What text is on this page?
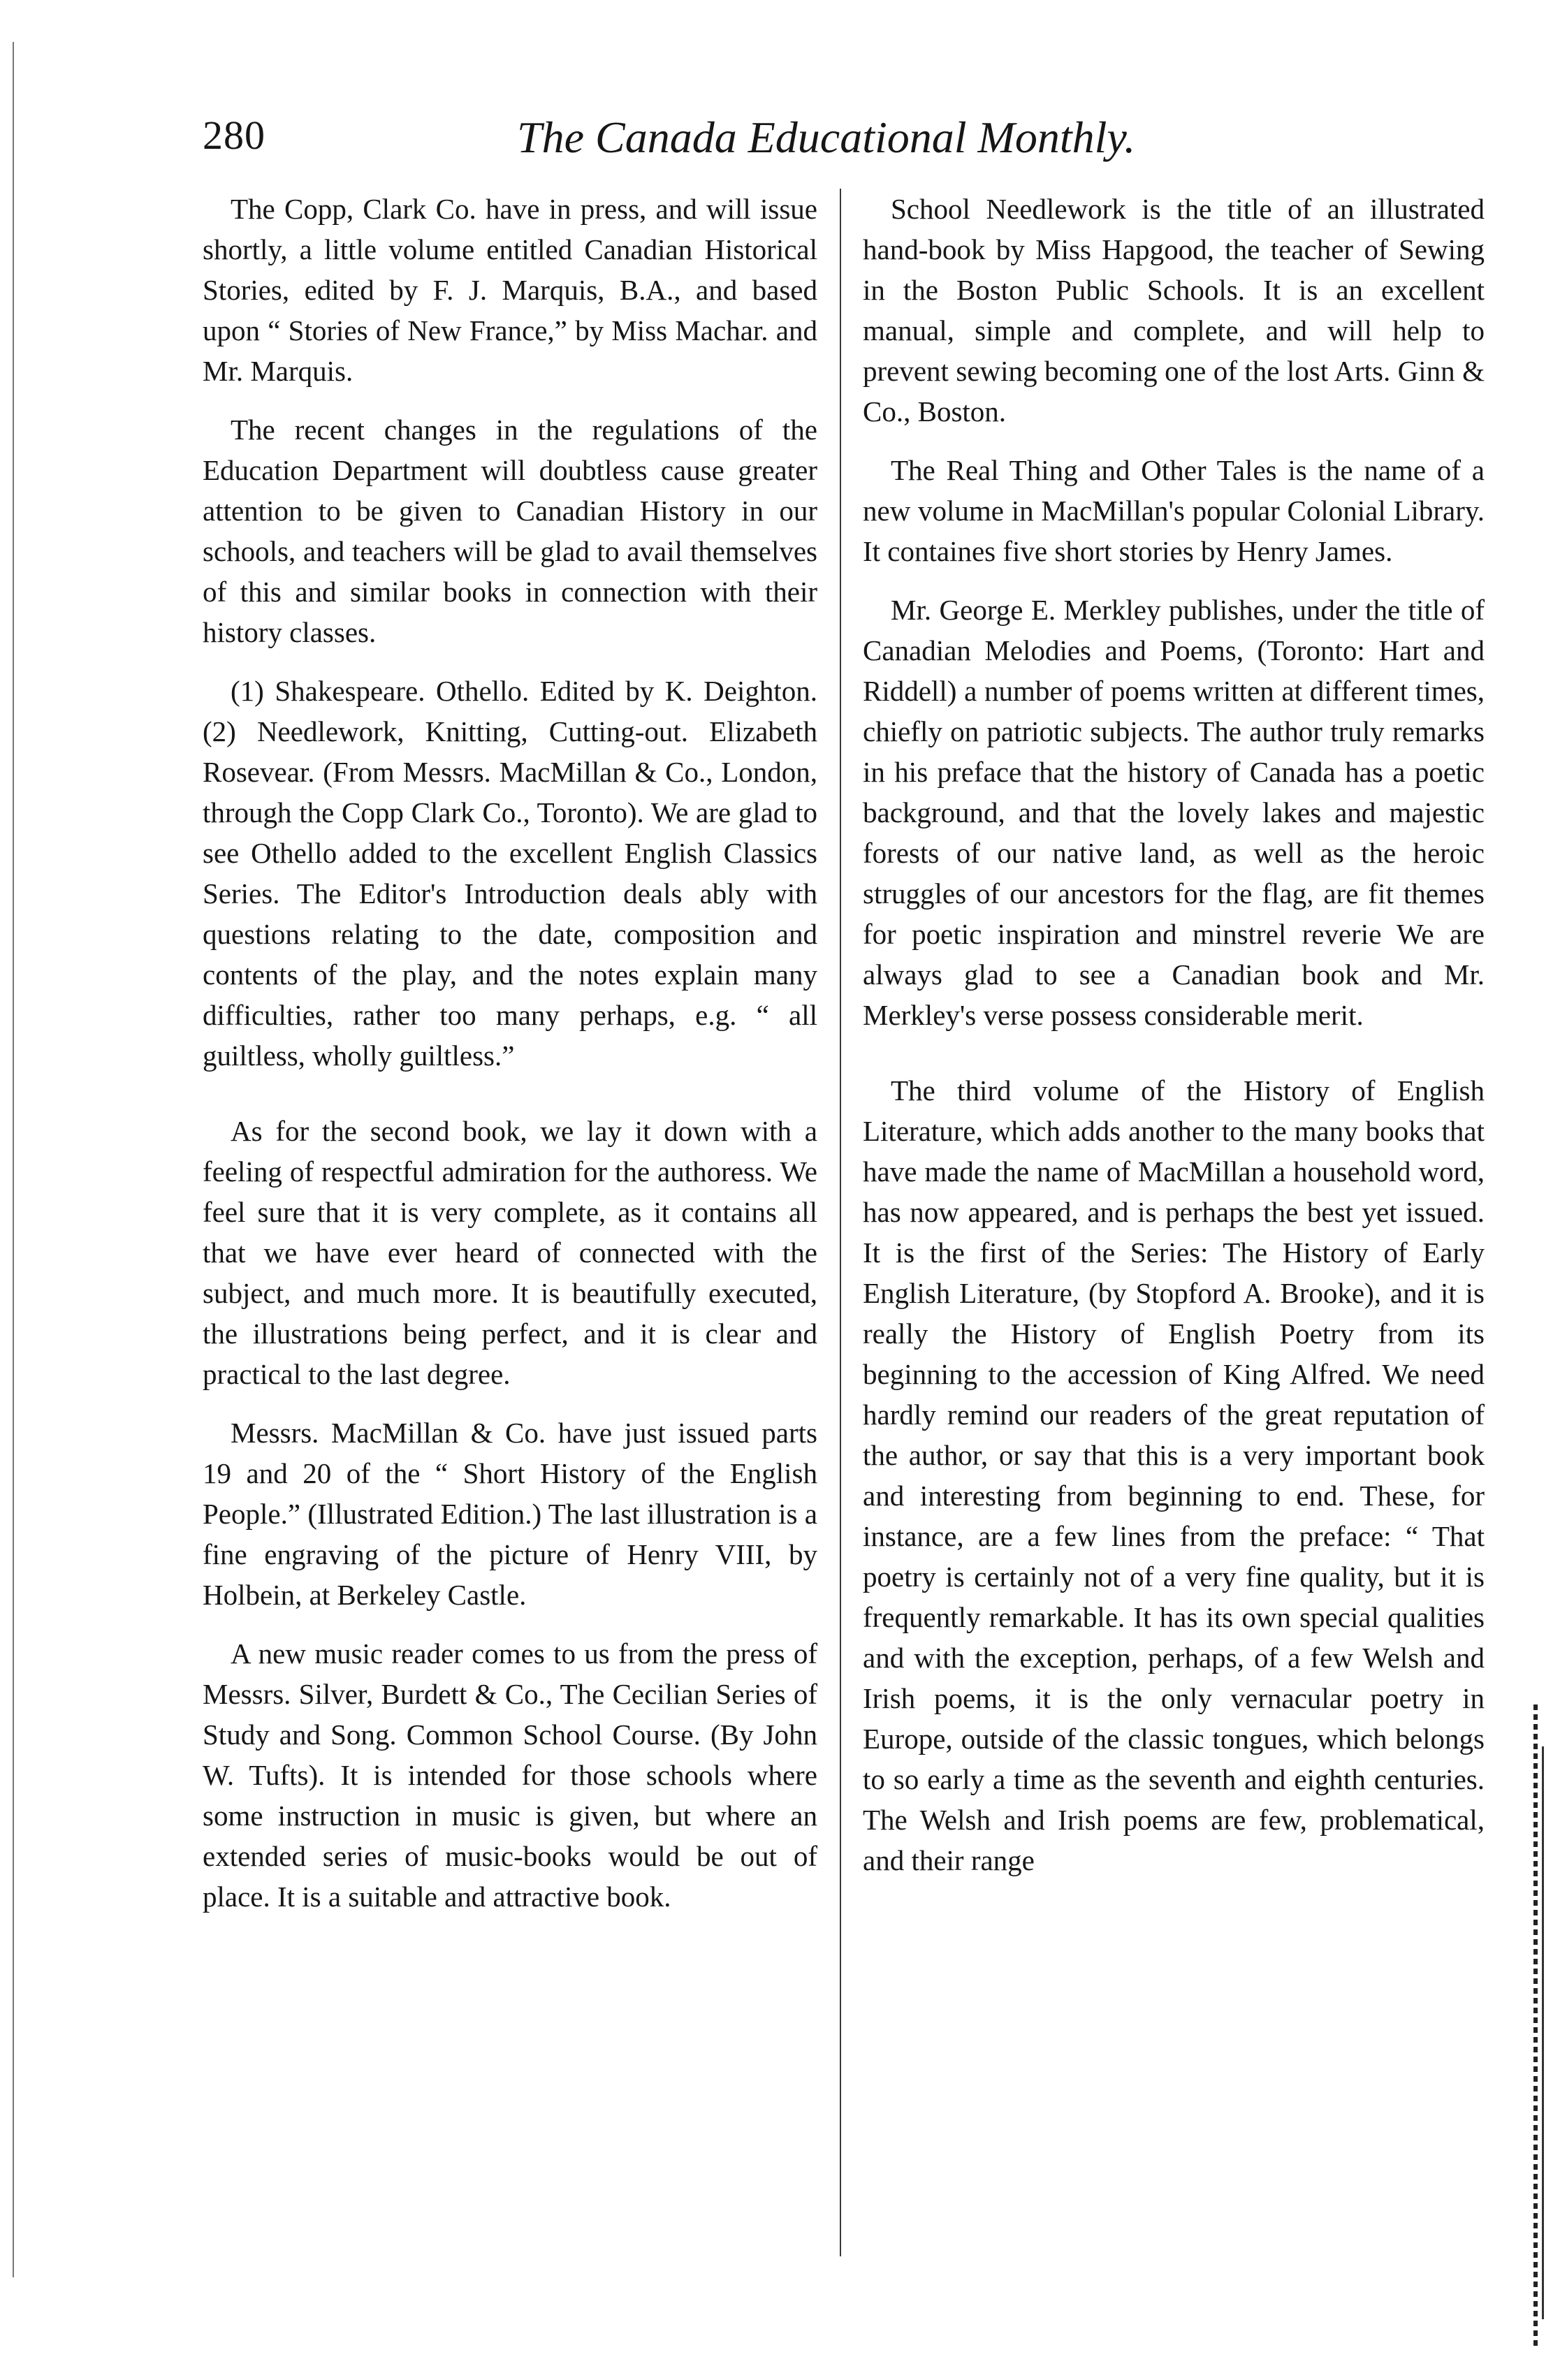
280	The Canada Educational Monthly.

The Copp, Clark Co. have in press, and will issue shortly, a little volume entitled Canadian Historical Stories, edited by F. J. Marquis, B.A., and based upon “ Stories of New France,” by Miss Machar. and Mr. Marquis.

The recent changes in the regulations of the Education Department will doubtless cause greater attention to be given to Canadian History in our schools, and teachers will be glad to avail themselves of this and similar books in connection with their history classes.

(1) Shakespeare. Othello. Edited by K. Deighton. (2) Needlework, Knitting, Cutting-out. Elizabeth Rosevear. (From Messrs. MacMillan & Co., London, through the Copp Clark Co., Toronto). We are glad to see Othello added to the excellent English Classics Series. The Editor's Introduction deals ably with questions relating to the date, composition and contents of the play, and the notes explain many difficulties, rather too many perhaps, e.g. “ all guiltless, wholly guiltless.”

As for the second book, we lay it down with a feeling of respectful admiration for the authoress. We feel sure that it is very complete, as it contains all that we have ever heard of connected with the subject, and much more. It is beautifully executed, the illustrations being perfect, and it is clear and practical to the last degree.

Messrs. MacMillan & Co. have just issued parts 19 and 20 of the “ Short History of the English People.” (Illustrated Edition.) The last illustration is a fine engraving of the picture of Henry VIII, by Holbein, at Berkeley Castle.

A new music reader comes to us from the press of Messrs. Silver, Burdett & Co., The Cecilian Series of Study and Song. Common School Course. (By John W. Tufts). It is intended for those schools where some instruction in music is given, but where an extended series of music-books would be out of place. It is a suitable and attractive book.

School Needlework is the title of an illustrated hand-book by Miss Hapgood, the teacher of Sewing in the Boston Public Schools. It is an excellent manual, simple and complete, and will help to prevent sewing becoming one of the lost Arts. Ginn & Co., Boston.

The Real Thing and Other Tales is the name of a new volume in MacMillan's popular Colonial Library. It containes five short stories by Henry James.

Mr. George E. Merkley publishes, under the title of Canadian Melodies and Poems, (Toronto: Hart and Riddell) a number of poems written at different times, chiefly on patriotic subjects. The author truly remarks in his preface that the history of Canada has a poetic background, and that the lovely lakes and majestic forests of our native land, as well as the heroic struggles of our ancestors for the flag, are fit themes for poetic inspiration and minstrel reverie We are always glad to see a Canadian book and Mr. Merkley's verse possess considerable merit.

The third volume of the History of English Literature, which adds another to the many books that have made the name of MacMillan a household word, has now appeared, and is perhaps the best yet issued. It is the first of the Series: The History of Early English Literature, (by Stopford A. Brooke), and it is really the History of English Poetry from its beginning to the accession of King Alfred. We need hardly remind our readers of the great reputation of the author, or say that this is a very important book and interesting from beginning to end. These, for instance, are a few lines from the preface: “ That poetry is certainly not of a very fine quality, but it is frequently remarkable. It has its own special qualities and with the exception, perhaps, of a few Welsh and Irish poems, it is the only vernacular poetry in Europe, outside of the classic tongues, which belongs to so early a time as the seventh and eighth centuries. The Welsh and Irish poems are few, problematical, and their range
